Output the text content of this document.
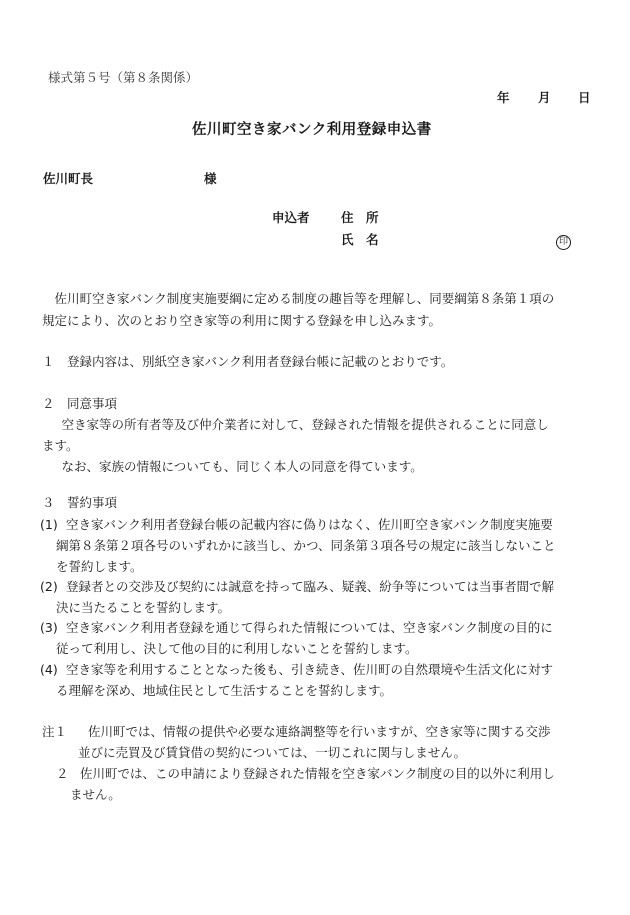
様式第５号（第８条関係）
年 月 日
佐川町空き家バンク利用登録申込書
佐川町長	様
申込者	住　所
氏　名	印
　佐川町空き家バンク制度実施要綱に定める制度の趣旨等を理解し、同要綱第８条第１項の
規定により、次のとおり空き家等の利用に関する登録を申し込みます。
１　登録内容は、別紙空き家バンク利用者登録台帳に記載のとおりです。
２　同意事項
　空き家等の所有者等及び仲介業者に対して、登録された情報を提供されることに同意し
ます。
　なお、家族の情報についても、同じく本人の同意を得ています。
３　誓約事項
(1) 空き家バンク利用者登録台帳の記載内容に偽りはなく、佐川町空き家バンク制度実施要
綱第８条第２項各号のいずれかに該当し、かつ、同条第３項各号の規定に該当しないこと
を誓約します。
(2) 登録者との交渉及び契約には誠意を持って臨み、疑義、紛争等については当事者間で解
決に当たることを誓約します。
(3) 空き家バンク利用者登録を通じて得られた情報については、空き家バンク制度の目的に
従って利用し、決して他の目的に利用しないことを誓約します。
(4) 空き家等を利用することとなった後も、引き続き、佐川町の自然環境や生活文化に対す
る理解を深め、地域住民として生活することを誓約します。
注１ 佐川町では、情報の提供や必要な連絡調整等を行いますが、空き家等に関する交渉
並びに売買及び賃貸借の契約については、一切これに関与しません。
２ 佐川町では、この申請により登録された情報を空き家バンク制度の目的以外に利用し
ません。
